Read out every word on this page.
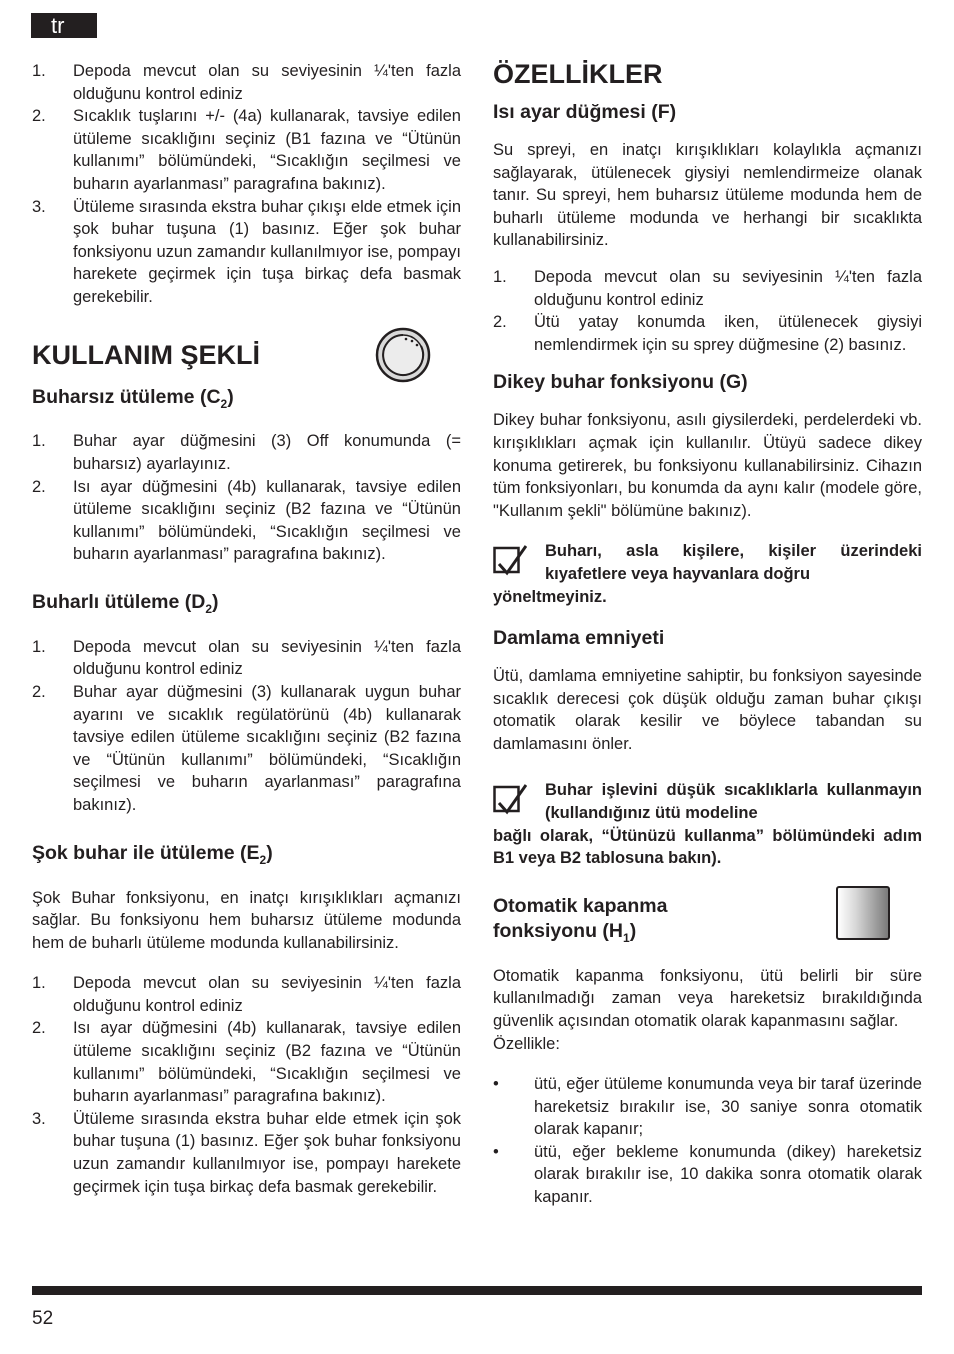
tr
1. Depoda mevcut olan su seviyesinin ¼'ten fazla olduğunu kontrol ediniz
2. Sıcaklık tuşlarını +/- (4a) kullanarak, tavsiye edilen ütüleme sıcaklığını seçiniz (B1 fazına ve “Ütünün kullanımı” bölümündeki, “Sıcaklığın seçilmesi ve buharın ayarlanması” paragrafına bakınız).
3. Ütüleme sırasında ekstra buhar çıkışı elde etmek için şok buhar tuşuna (1) basınız. Eğer şok buhar fonksiyonu uzun zamandır kullanılmıyor ise, pompayı harekete geçirmek için tuşa birkaç defa basmak gerekebilir.
KULLANIM ŞEKLİ
Buharsız ütüleme $(C_2)$
1. Buhar ayar düğmesini (3) Off konumunda (= buharsız) ayarlayınız.
2. Isı ayar düğmesini (4b) kullanarak, tavsiye edilen ütüleme sıcaklığını seçiniz (B2 fazına ve “Ütünün kullanımı” bölümündeki, “Sıcaklığın seçilmesi ve buharın ayarlanması” paragrafına bakınız).
Buharlı ütüleme $(D_2)$
1. Depoda mevcut olan su seviyesinin ¼'ten fazla olduğunu kontrol ediniz
2. Buhar ayar düğmesini (3) kullanarak uygun buhar ayarını ve sıcaklık regülatörünü (4b) kullanarak tavsiye edilen ütüleme sıcaklığını seçiniz (B2 fazına ve “Ütünün kullanımı” bölümündeki, “Sıcaklığın seçilmesi ve buharın ayarlanması” paragrafına bakınız).
Şok buhar ile ütüleme $(E_2)$

Şok Buhar fonksiyonu, en inatçı kırışıklıkları açmanızı sağlar. Bu fonksiyonu hem buharsız ütüleme modunda hem de buharlı ütüleme modunda kullanabilirsiniz.

1. Depoda mevcut olan su seviyesinin ¼'ten fazla olduğunu kontrol ediniz
2. Isı ayar düğmesini (4b) kullanarak, tavsiye edilen ütüleme sıcaklığını seçiniz (B2 fazına ve “Ütünün kullanımı” bölümündeki, “Sıcaklığın seçilmesi ve buharın ayarlanması” paragrafına bakınız).
3. Ütüleme sırasında ekstra buhar elde etmek için şok buhar tuşuna (1) basınız. Eğer şok buhar fonksiyonu uzun zamandır kullanılmıyor ise, pompayı harekete geçirmek için tuşa birkaç defa basmak gerekebilir.
ÖZELLİKLER
Isı ayar düğmesi (F)

Su spreyi, en inatçı kırışıklıkları kolaylıkla açmanızı sağlayarak, ütülenecek giysiyi nemlendirmeize olanak tanır. Su spreyi, hem buharsız ütüleme modunda hem de buharlı ütüleme modunda ve herhangi bir sıcaklıkta kullanabilirsiniz.

1. Depoda mevcut olan su seviyesinin ¼'ten fazla olduğunu kontrol ediniz
2. Ütü yatay konumda iken, ütülenecek giysiyi nemlendirmek için su sprey düğmesine (2) basınız.
Dikey buhar fonksiyonu (G)

Dikey buhar fonksiyonu, asılı giysilerdeki, perdelerdeki vb. kırışıklıkları açmak için kullanılır. Ütüyü sadece dikey konuma getirerek, bu fonksiyonu kullanabilirsiniz. Cihazın tüm fonksiyonları, bu konumda da aynı kalır (modele göre, "Kullanım şekli" bölümüne bakınız).

Buharı, asla kişilere, kişiler üzerindeki kıyafetlere veya hayvanlara doğru
yöneltmeyiniz.
Damlama emniyeti

Ütü, damlama emniyetine sahiptir, bu fonksiyon sayesinde sıcaklık derecesi çok düşük olduğu zaman buhar çıkışı otomatik olarak kesilir ve böylece tabandan su damlamasını önler.

Buhar işlevini düşük sıcaklıklarla kullanmayın (kullandığınız ütü modeline
bağlı olarak, “Ütünüzü kullanma” bölümündeki adım B1 veya B2 tablosuna bakın).
Otomatik kapanma
fonksiyonu $(H_1)$

Otomatik kapanma fonksiyonu, ütü belirli bir süre kullanılmadığı zaman veya hareketsiz bırakıldığında güvenlik açısından otomatik olarak kapanmasını sağlar.

Özellikle:

• ütü, eğer ütüleme konumunda veya bir taraf üzerinde hareketsiz bırakılır ise, 30 saniye sonra otomatik olarak kapanır;
• ütü, eğer bekleme konumunda (dikey) hareketsiz olarak bırakılır ise, 10 dakika sonra otomatik olarak kapanır.
52
